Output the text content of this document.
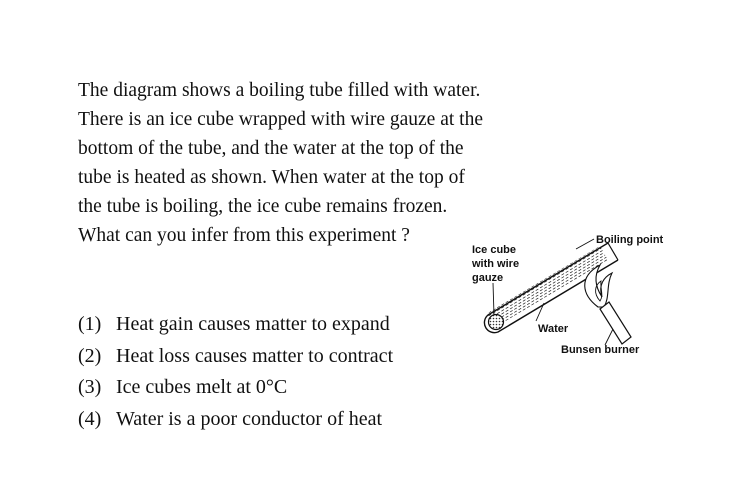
The diagram shows a boiling tube filled with water.
There is an ice cube wrapped with wire gauze at the
bottom of the tube, and the water at the top of the
tube is heated as shown. When water at the top of
the tube is boiling, the ice cube remains frozen.
What can you infer from this experiment ?
Ice cube
with wire
gauze
Boiling point
Water
Bunsen burner
(1) Heat gain causes matter to expand
(2) Heat loss causes matter to contract
(3) Ice cubes melt at 0°C
(4) Water is a poor conductor of heat
